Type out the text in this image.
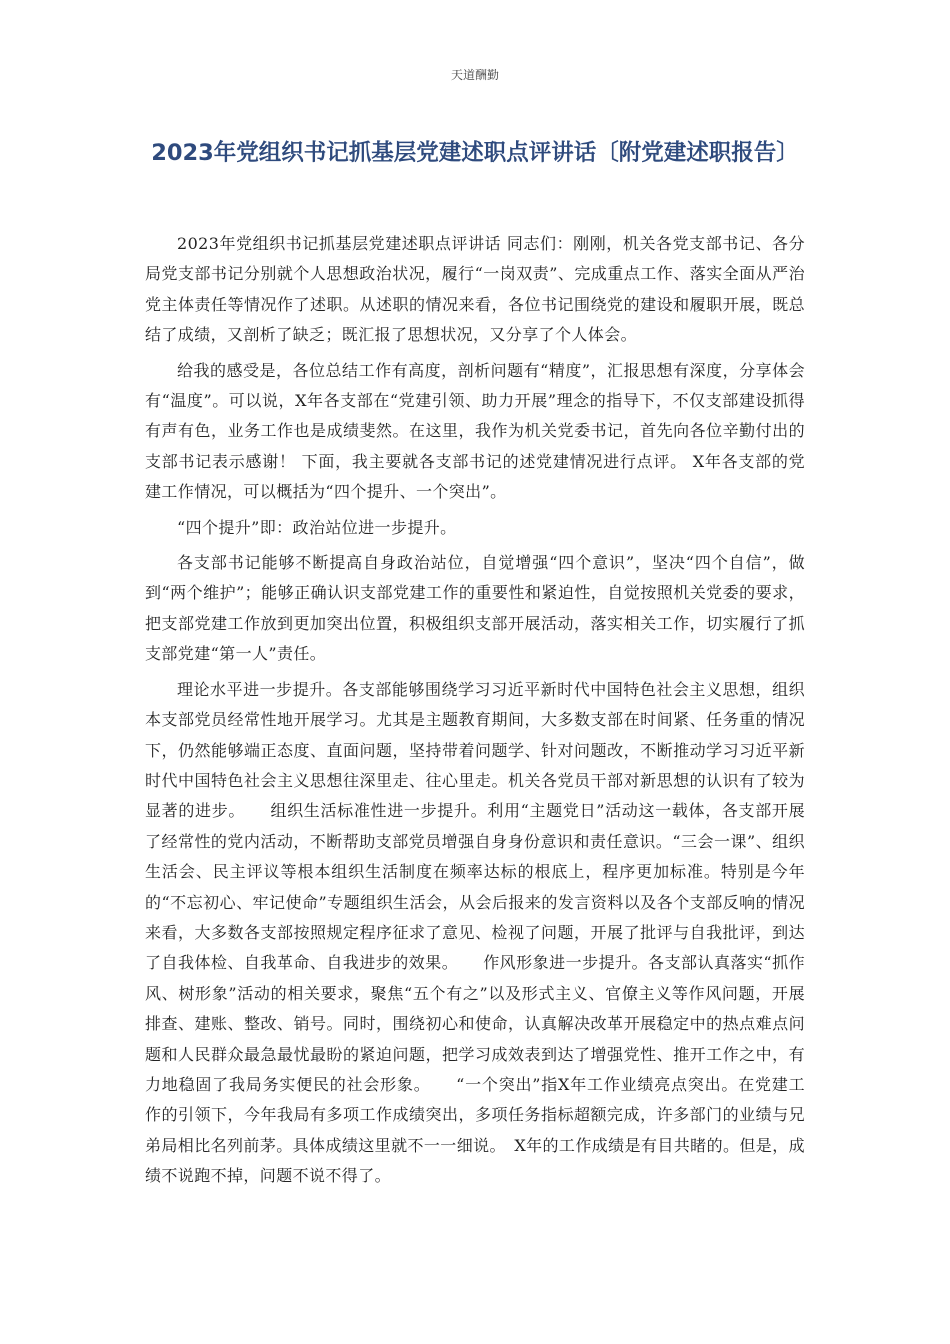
天道酬勤
2023年党组织书记抓基层党建述职点评讲话〔附党建述职报告〕

2023年党组织书记抓基层党建述职点评讲话 同志们：刚刚，机关各党支部书记、各分局党支部书记分别就个人思想政治状况，履行“一岗双责”、完成重点工作、落实全面从严治党主体责任等情况作了述职。从述职的情况来看，各位书记围绕党的建设和履职开展，既总结了成绩，又剖析了缺乏；既汇报了思想状况，又分享了个人体会。

给我的感受是，各位总结工作有高度，剖析问题有“精度”，汇报思想有深度，分享体会有“温度”。可以说，X年各支部在“党建引领、助力开展”理念的指导下，不仅支部建设抓得有声有色，业务工作也是成绩斐然。在这里，我作为机关党委书记，首先向各位辛勤付出的支部书记表示感谢！ 下面，我主要就各支部书记的述党建情况进行点评。 X年各支部的党建工作情况，可以概括为“四个提升、一个突出”。

“四个提升”即：政治站位进一步提升。

各支部书记能够不断提高自身政治站位，自觉增强“四个意识”，坚决“四个自信”，做到“两个维护”；能够正确认识支部党建工作的重要性和紧迫性，自觉按照机关党委的要求，把支部党建工作放到更加突出位置，积极组织支部开展活动，落实相关工作，切实履行了抓支部党建“第一人”责任。

理论水平进一步提升。各支部能够围绕学习习近平新时代中国特色社会主义思想，组织本支部党员经常性地开展学习。尤其是主题教育期间，大多数支部在时间紧、任务重的情况下，仍然能够端正态度、直面问题，坚持带着问题学、针对问题改，不断推动学习习近平新时代中国特色社会主义思想往深里走、往心里走。机关各党员干部对新思想的认识有了较为显著的进步。　　组织生活标准性进一步提升。利用“主题党日”活动这一载体，各支部开展了经常性的党内活动，不断帮助支部党员增强自身身份意识和责任意识。“三会一课”、组织生活会、民主评议等根本组织生活制度在频率达标的根底上，程序更加标准。特别是今年的“不忘初心、牢记使命”专题组织生活会，从会后报来的发言资料以及各个支部反响的情况来看，大多数各支部按照规定程序征求了意见、检视了问题，开展了批评与自我批评，到达了自我体检、自我革命、自我进步的效果。　　作风形象进一步提升。各支部认真落实“抓作风、树形象”活动的相关要求，聚焦“五个有之”以及形式主义、官僚主义等作风问题，开展排查、建账、整改、销号。同时，围绕初心和使命，认真解决改革开展稳定中的热点难点问题和人民群众最急最忧最盼的紧迫问题，把学习成效表到达了增强党性、推开工作之中，有力地稳固了我局务实便民的社会形象。　　“一个突出”指X年工作业绩亮点突出。在党建工作的引领下，今年我局有多项工作成绩突出，多项任务指标超额完成，许多部门的业绩与兄弟局相比名列前茅。具体成绩这里就不一一细说。　X年的工作成绩是有目共睹的。但是，成绩不说跑不掉，问题不说不得了。
